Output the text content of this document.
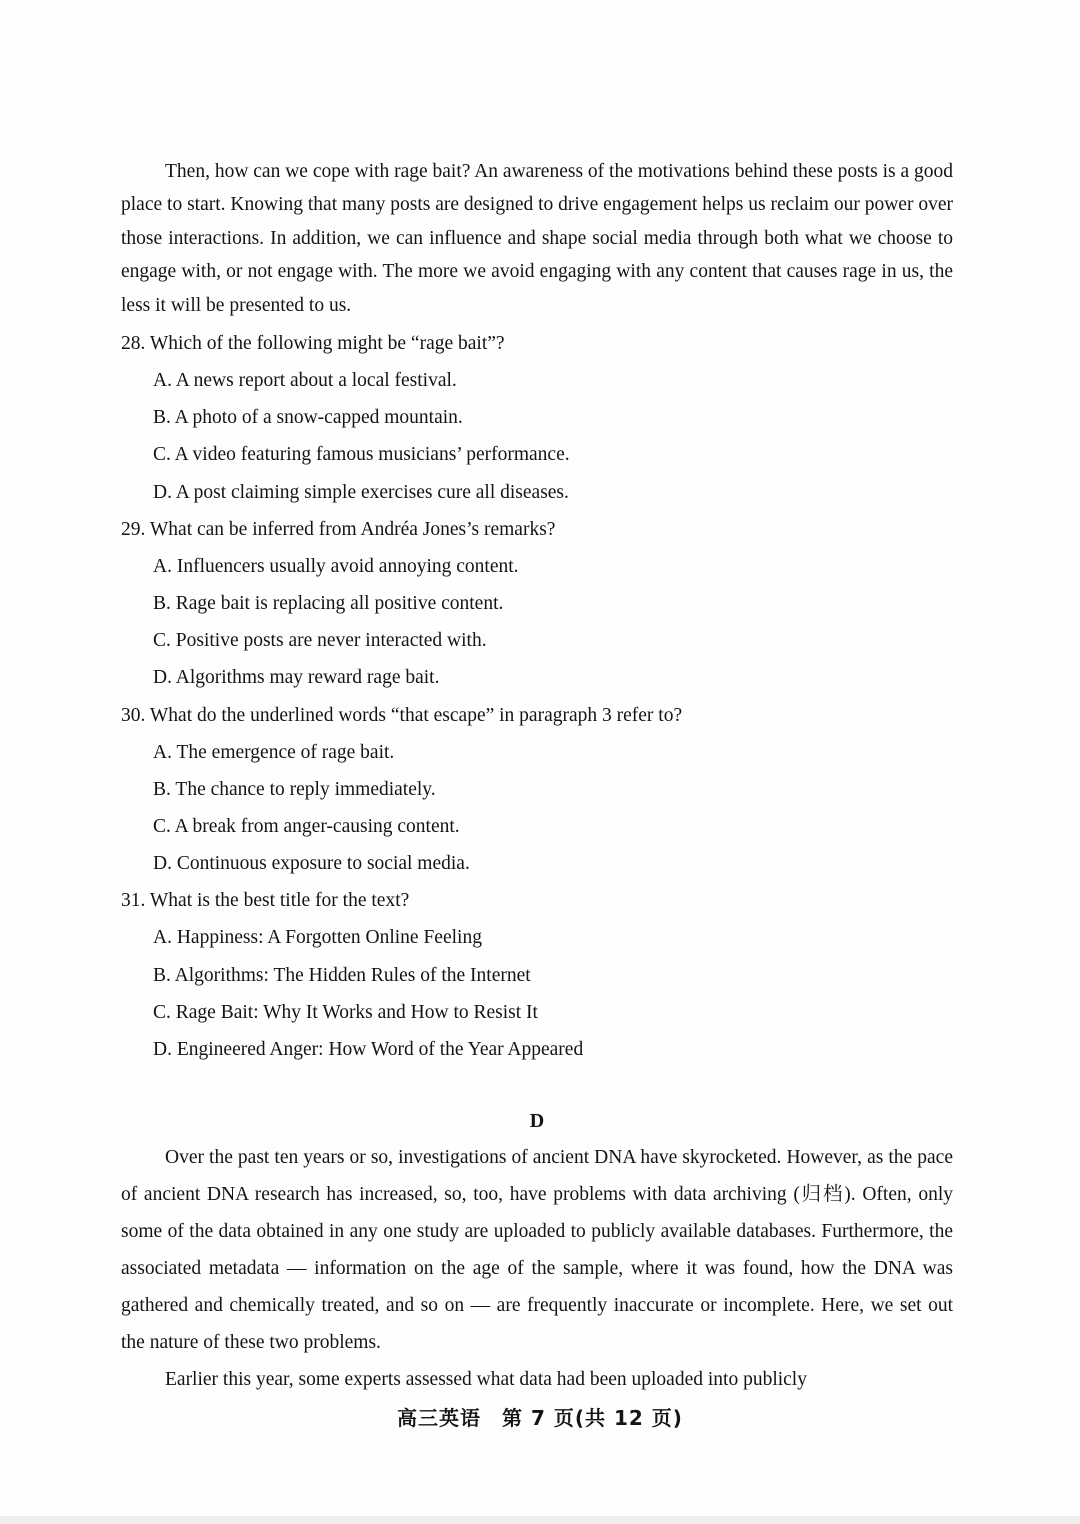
Then, how can we cope with rage bait? An awareness of the motivations behind these posts is a good place to start. Knowing that many posts are designed to drive engagement helps us reclaim our power over those interactions. In addition, we can influence and shape social media through both what we choose to engage with, or not engage with. The more we avoid engaging with any content that causes rage in us, the less it will be presented to us.

28. Which of the following might be “rage bait”?

A. A news report about a local festival.
B. A photo of a snow-capped mountain.
C. A video featuring famous musicians’ performance.
D. A post claiming simple exercises cure all diseases.

29. What can be inferred from Andréa Jones’s remarks?

A. Influencers usually avoid annoying content.
B. Rage bait is replacing all positive content.
C. Positive posts are never interacted with.
D. Algorithms may reward rage bait.

30. What do the underlined words “that escape” in paragraph 3 refer to?

A. The emergence of rage bait.
B. The chance to reply immediately.
C. A break from anger-causing content.
D. Continuous exposure to social media.

31. What is the best title for the text?

A. Happiness: A Forgotten Online Feeling
B. Algorithms: The Hidden Rules of the Internet
C. Rage Bait: Why It Works and How to Resist It
D. Engineered Anger: How Word of the Year Appeared

D

Over the past ten years or so, investigations of ancient DNA have skyrocketed. However, as the pace of ancient DNA research has increased, so, too, have problems with data archiving (归档). Often, only some of the data obtained in any one study are uploaded to publicly available databases. Furthermore, the associated metadata — information on the age of the sample, where it was found, how the DNA was gathered and chemically treated, and so on — are frequently inaccurate or incomplete. Here, we set out the nature of these two problems.

Earlier this year, some experts assessed what data had been uploaded into publicly

高三英语　第 7 页(共 12 页)
